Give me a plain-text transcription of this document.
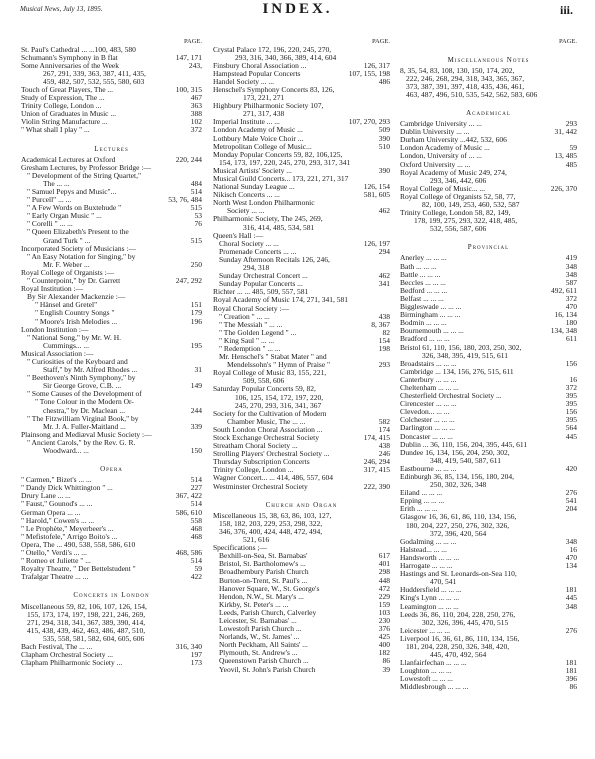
Musical News, July 13, 1895.	INDEX.	iii.
PAGE.
St. Paul's Cathedral ... ...100, 483, 580
Schumann's Symphony in B flat	147, 171
Some Anniversaries of the Week	243,
267, 291, 339, 363, 387, 411, 435,
459, 482, 507, 532, 555, 580, 603
Touch of Great Players, The ...	100, 315
Study of Expression, The ...	467
Trinity College, London ...	363
Union of Graduates in Music ...	388
Violin String Manufacture ...	102
" What shall I play " ...	372
Lectures
Academical Lectures at Oxford	220, 244
Gresham Lectures, by Professor Bridge :—
" Development of the String Quartet,"
The ... ...	484
" Samuel Pepys and Music"...	514
" Purcell" ... ...	53, 76, 484
" A Few Words on Buxtehude "	515
" Early Organ Music " ...	53
" Corelli " ... ...	76
" Queen Elizabeth's Present to the
Grand Turk " ...	515
Incorporated Society of Musicians :—
" An Easy Notation for Singing," by
Mr. F. Weber ...	250
Royal College of Organists :—
" Counterpoint," by Dr. Garrett	247, 292
Royal Institution :—
By Sir Alexander Mackenzie :—
" Hänsel and Gretel"	151
" English Country Songs "	179
" Moore's Irish Melodies ...	196
London Institution :—
" National Song," by Mr. W. H.
Cummings... ...	195
Musical Association :—
" Curiosities of the Keyboard and
Staff," by Mr. Alfred Rhodes ...	31
" Beethoven's Ninth Symphony," by
Sir George Grove, C.B. ...	149
" Some Causes of the Development of
" Tone Colour in the Modern Or-
chestra," by Dr. Maclean ...	244
" The Fitzwilliam Virginal Book," by
Mr. J. A. Fuller-Maitland ...	339
Plainsong and Mediæval Music Society :—
" Ancient Carols," by the Rev. G. R.
Woodward... ...	150
Opera
" Carmen," Bizet's ... ...	514
" Dandy Dick Whittington " ...	227
Drury Lane ... ...	367, 422
" Faust," Gounod's ... ...	514
German Opera ... ...	586, 610
" Harold," Cowen's ... ...	558
" Le Prophète," Meyerbeer's ...	468
" Mefistofele," Arrigo Boito's ...	468
Opera, The ... 490, 538, 558, 586, 610
" Otello," Verdi's ... ...	468, 586
" Romeo et Juliette " ...	514
Royalty Theatre, " Der Bettelstudent "	59
Trafalgar Theatre ... ...	422
Concerts in London
Miscellaneous 59, 82, 106, 107, 126, 154,
155, 173, 174, 197, 198, 221, 246, 269,
271, 294, 318, 341, 367, 389, 390, 414,
415, 438, 439, 462, 463, 486, 487, 510,
535, 558, 581, 582, 604, 605, 606
Bach Festival, The ... ...	316, 340
Clapham Orchestral Society ...	197
Clapham Philharmonic Society ...	173
PAGE.
Crystal Palace 172, 196, 220, 245, 270,
293, 316, 340, 366, 389, 414, 604
Finsbury Choral Association ...	126, 317
Hampstead Popular Concerts	107, 155, 198
Handel Society ... ...	486
Henschel's Symphony Concerts 83, 126,
173, 221, 271
Highbury Philharmonic Society 107,
271, 317, 438
Imperial Institute ... ...	107, 270, 293
London Academy of Music ...	509
Lothbury Male Voice Choir ...	390
Metropolitan College of Music...	510
Monday Popular Concerts 59, 82, 106,125,
154, 173, 197, 220, 245, 270, 293, 317, 341
Musical Artists' Society ...	390
Musical Guild Concerts... 173, 221, 271, 317
National Sunday League ...	126, 154
Nikisch Concerts ... ...	581, 605
North West London Philharmonic
Society ... ...	462
Philharmonic Society, The 245, 269,
316, 414, 485, 534, 581
Queen's Hall :—
Choral Society ... ...	126, 197
Promenade Concerts ... ...	294
Sunday Afternoon Recitals 126, 246,
294, 318
Sunday Orchestral Concert ...	462
Sunday Popular Concerts ...	341
Richter ... ... 485, 509, 557, 581
Royal Academy of Music 174, 271, 341, 581
Royal Choral Society :—
" Creation " ... ...	438
" The Messiah " ... ...	8, 367
" The Golden Legend " ...	82
" King Saul " ... ...	154
" Redemption " ... ...	198
Mr. Henschel's " Stabat Mater " and
Mendelssohn's " Hymn of Praise "	293
Royal College of Music 83, 155, 221,
509, 558, 606
Saturday Popular Concerts 59, 82,
106, 125, 154, 172, 197, 220,
245, 270, 293, 316, 341, 367
Society for the Cultivation of Modern
Chamber Music, The ... ...	582
South London Choral Association ...	174
Stock Exchange Orchestral Society	174, 415
Streatham Choral Society ...	438
Strolling Players' Orchestral Society ...	246
Thursday Subscription Concerts	246, 294
Trinity College, London ...	317, 415
Wagner Concert... ... 414, 486, 557, 604
Westminster Orchestral Society	222, 390
Church and Organ
Miscellaneous 15, 38, 63, 86, 103, 127,
158, 182, 203, 229, 253, 298, 322,
346, 376, 400, 424, 448, 472, 494,
521, 616
Specifications ;—
Bexhill-on-Sea, St. Barnabas'	617
Bristol, St. Bartholomew's ...	401
Broadhembury Parish Church	298
Burton-on-Trent, St. Paul's ...	448
Hanover Square, W., St. George's	472
Hendon, N.W., St. Mary's ...	229
Kirkby, St. Peter's ... ...	159
Leeds, Parish Church, Calverley	103
Leicester, St. Barnabas' ...	230
Lowestoft Parish Church ...	376
Norlands, W., St. James' ...	425
North Peckham, All Saints' ...	400
Plymouth, St. Andrew's ...	182
Queenstown Parish Church ...	86
Yeovil, St. John's Parish Church	39
PAGE.
Miscellaneous Notes
8, 35, 54, 83, 108, 130, 150, 174, 202,
222, 246, 268, 294, 318, 343, 365, 367,
373, 387, 391, 397, 418, 435, 436, 461,
463, 487, 496, 510, 535, 542, 562, 583, 606
Academical
Cambridge University ... ...	293
Dublin University ... ...	31, 442
Durham University ...442, 532, 606
London Academy of Music ...	59
London, University of ... ...	13, 485
Oxford University ... ...	485
Royal Academy of Music 249, 274,
293, 346, 442, 606
Royal College of Music... ...	226, 370
Royal College of Organists 52, 58, 77,
82, 100, 149, 253, 460, 532, 587
Trinity College, London 58, 82, 149,
178, 199, 275, 293, 322, 418, 485,
532, 556, 587, 606
Provincial
Anerley ... ... ...	419
Bath ... ... ...	348
Battle ... ... ...	348
Beccles ... ... ...	587
Bedford ... ... ...	492, 611
Belfast ... ... ...	372
Biggleswade ... ... ...	470
Birmingham ... ... ...	16, 134
Bodmin ... ... ...	180
Bournemouth ... ... ...	134, 348
Bradford ... ... ...	611
Bristol 61, 110, 156, 180, 203, 250, 302,
326, 348, 395, 419, 515, 611
Broadstairs ... ... ...	156
Cambridge ... 134, 156, 276, 515, 611
Canterbury ... ... ...	16
Cheltenham ... ... ...	372
Chesterfield Orchestral Society ...	395
Cirencester ... ... ...	395
Clevedon... ... ...	156
Colchester ... ... ...	395
Darlington ... ... ...	564
Doncaster ... ... ...	445
Dublin ... 36, 110, 156, 204, 395, 445, 611
Dundee 16, 134, 156, 204, 250, 302,
348, 419, 540, 587, 611
Eastbourne ... ... ...	420
Edinburgh 36, 85, 134, 156, 180, 204,
250, 302, 326, 348
Eiland ... ... ...	276
Epping ... ... ...	541
Erith ... ... ...	204
Glasgow 16, 36, 61, 86, 110, 134, 156,
180, 204, 227, 250, 276, 302, 326,
372, 396, 420, 564
Godalming ... ... ...	348
Halstead... ... ...	16
Handsworth ... ... ...	470
Harrogate ... ... ...	134
Hastings and St. Leonards-on-Sea 110,
470, 541
Huddersfield ... ... ...	181
King's Lynn ... ... ...	445
Leamington ... ... ...	348
Leeds 36, 86, 110, 204, 228, 250, 276,
302, 326, 396, 445, 470, 515
Leicester ... ... ...	276
Liverpool 16, 36, 61, 86, 110, 134, 156,
181, 204, 228, 250, 326, 348, 420,
445, 470, 492, 564
Llanfairfechan ... ... ...	181
Loughton ... ... ...	181
Lowestoft ... ... ...	396
Middlesbrough ... ... ...	86
